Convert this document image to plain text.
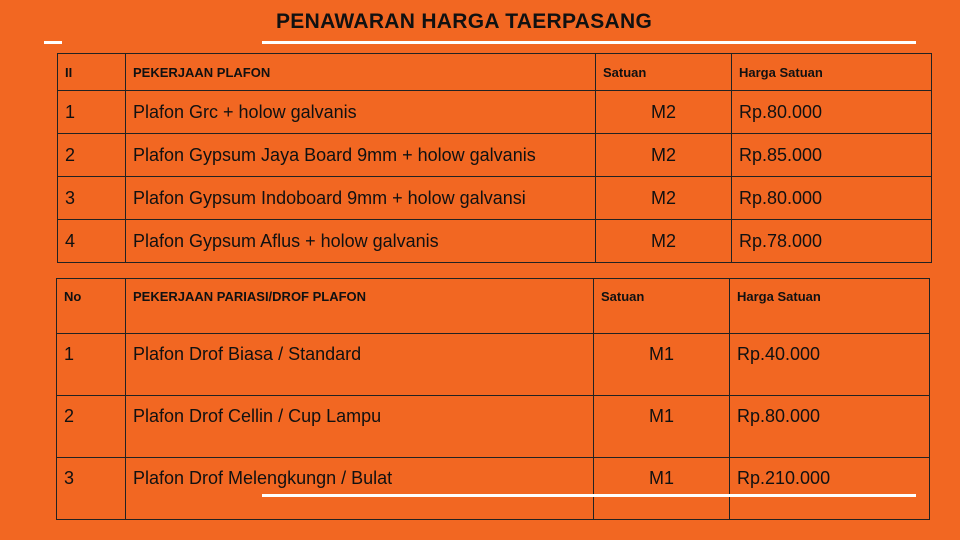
PENAWARAN HARGA TAERPASANG
II	PEKERJAAN PLAFON	Satuan	Harga Satuan
1	Plafon Grc + holow galvanis	M2	Rp.80.000
2	Plafon Gypsum Jaya Board 9mm + holow galvanis	M2	Rp.85.000
3	Plafon Gypsum Indoboard 9mm + holow galvansi	M2	Rp.80.000
4	Plafon Gypsum Aflus + holow galvanis	M2	Rp.78.000
No	PEKERJAAN PARIASI/DROF PLAFON	Satuan	Harga Satuan
1	Plafon Drof Biasa / Standard	M1	Rp.40.000
2	Plafon Drof Cellin / Cup Lampu	M1	Rp.80.000
3	Plafon Drof Melengkungn / Bulat	M1	Rp.210.000
